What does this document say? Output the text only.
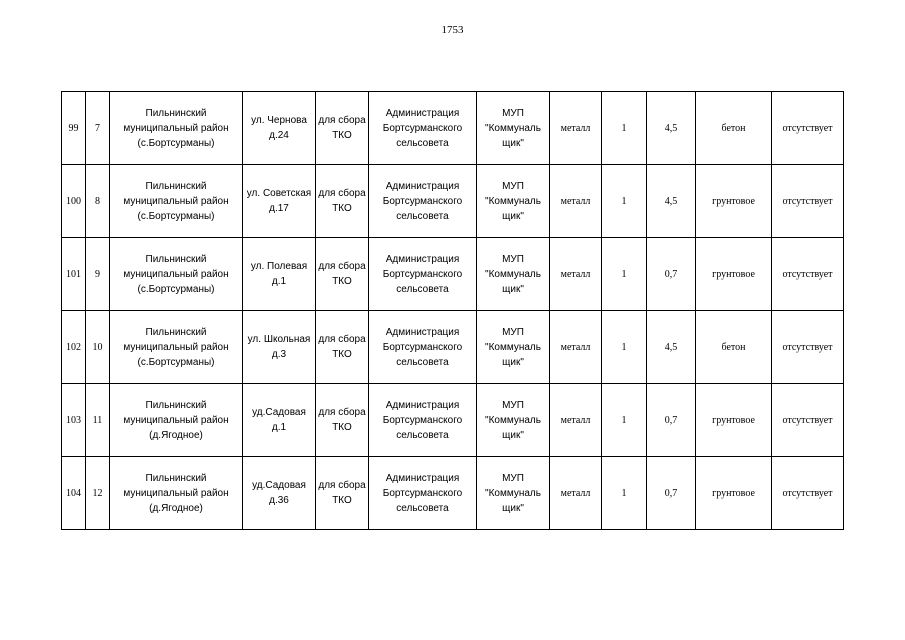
1753
99	7	Пильнинский муниципальный район (с.Бортсурманы)	ул. Чернова д.24	для сбора ТКО	Администрация Бортсурманского сельсовета	МУП "Коммуналь щик"	металл	1	4,5	бетон	отсутствует
100	8	Пильнинский муниципальный район (с.Бортсурманы)	ул. Советская д.17	для сбора ТКО	Администрация Бортсурманского сельсовета	МУП "Коммуналь щик"	металл	1	4,5	грунтовое	отсутствует
101	9	Пильнинский муниципальный район (с.Бортсурманы)	ул. Полевая д.1	для сбора ТКО	Администрация Бортсурманского сельсовета	МУП "Коммуналь щик"	металл	1	0,7	грунтовое	отсутствует
102	10	Пильнинский муниципальный район (с.Бортсурманы)	ул. Школьная д.3	для сбора ТКО	Администрация Бортсурманского сельсовета	МУП "Коммуналь щик"	металл	1	4,5	бетон	отсутствует
103	11	Пильнинский муниципальный район (д.Ягодное)	уд.Садовая д.1	для сбора ТКО	Администрация Бортсурманского сельсовета	МУП "Коммуналь щик"	металл	1	0,7	грунтовое	отсутствует
104	12	Пильнинский муниципальный район (д.Ягодное)	уд.Садовая д.36	для сбора ТКО	Администрация Бортсурманского сельсовета	МУП "Коммуналь щик"	металл	1	0,7	грунтовое	отсутствует
